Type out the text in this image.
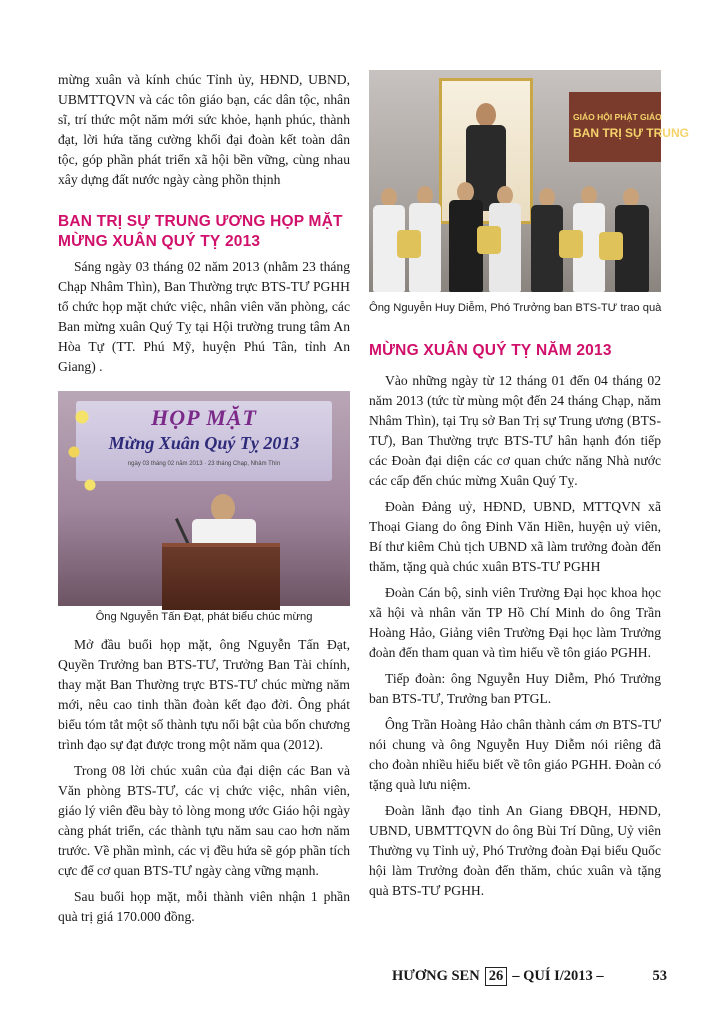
mừng xuân và kính chúc Tỉnh ủy, HĐND, UBND, UBMTTQVN và các tôn giáo bạn, các dân tộc, nhân sĩ, trí thức một năm mới sức khỏe, hạnh phúc, thành đạt, lời hứa tăng cường khối đại đoàn kết toàn dân tộc, góp phần phát triển xã hội bền vững, cùng nhau xây dựng đất nước ngày càng phồn thịnh

BAN TRỊ SỰ TRUNG ƯƠNG HỌP MẶT MỪNG XUÂN QUÝ TỴ 2013

Sáng ngày 03 tháng 02 năm 2013 (nhằm 23 tháng Chạp Nhâm Thìn), Ban Thường trực BTS-TƯ PGHH tổ chức họp mặt chức việc, nhân viên văn phòng, các Ban mừng xuân Quý Tỵ tại Hội trường trung tâm An Hòa Tự (TT. Phú Mỹ, huyện Phú Tân, tỉnh An Giang) .

HỌP MẶT
Mừng Xuân Quý Tỵ 2013
ngày 03 tháng 02 năm 2013 · 23 tháng Chạp, Nhâm Thìn
Ông Nguyễn Tấn Đạt, phát biểu chúc mừng

Mở đầu buổi họp mặt, ông Nguyễn Tấn Đạt, Quyền Trưởng ban BTS-TƯ, Trưởng Ban Tài chính, thay mặt Ban Thường trực BTS-TƯ chúc mừng năm mới, nêu cao tinh thần đoàn kết đạo đời. Ông phát biểu tóm tắt một số thành tựu nổi bật của bốn chương trình đạo sự đạt được trong một năm qua (2012).

Trong 08 lời chúc xuân của đại diện các Ban và Văn phòng BTS-TƯ, các vị chức việc, nhân viên, giáo lý viên đều bày tỏ lòng mong ước Giáo hội ngày càng phát triển, các thành tựu năm sau cao hơn năm trước. Về phần mình, các vị đều hứa sẽ góp phần tích cực để cơ quan BTS-TƯ ngày càng vững mạnh.

Sau buổi họp mặt, mỗi thành viên nhận 1 phần quà trị giá 170.000 đồng.

GIÁO HỘI PHẬT GIÁO
BAN TRỊ SỰ TRUNG
Ông Nguyễn Huy Diễm, Phó Trưởng ban BTS-TƯ trao quà
MỪNG XUÂN QUÝ TỴ NĂM 2013

Vào những ngày từ 12 tháng 01 đến 04 tháng 02 năm 2013 (tức từ mùng một đến 24 tháng Chạp, năm Nhâm Thìn), tại Trụ sở Ban Trị sự Trung ương (BTS-TƯ), Ban Thường trực BTS-TƯ hân hạnh đón tiếp các Đoàn đại diện các cơ quan chức năng Nhà nước các cấp đến chúc mừng Xuân Quý Tỵ.

Đoàn Đảng uỷ, HĐND, UBND, MTTQVN xã Thoại Giang do ông Đinh Văn Hiền, huyện uỷ viên, Bí thư kiêm Chủ tịch UBND xã làm trưởng đoàn đến thăm, tặng quà chúc xuân BTS-TƯ PGHH

Đoàn Cán bộ, sinh viên Trường Đại học khoa học xã hội và nhân văn TP Hồ Chí Minh do ông Trần Hoàng Hảo, Giảng viên Trường Đại học làm Trưởng đoàn đến tham quan và tìm hiểu về tôn giáo PGHH.

Tiếp đoàn: ông Nguyễn Huy Diễm, Phó Trưởng ban BTS-TƯ, Trưởng ban PTGL.

Ông Trần Hoàng Hảo chân thành cám ơn BTS-TƯ nói chung và ông Nguyễn Huy Diễm nói riêng đã cho đoàn nhiều hiểu biết về tôn giáo PGHH. Đoàn có tặng quà lưu niệm.

Đoàn lãnh đạo tỉnh An Giang ĐBQH, HĐND, UBND, UBMTTQVN do ông Bùi Trí Dũng, Uỷ viên Thường vụ Tỉnh uỷ, Phó Trưởng đoàn Đại biểu Quốc hội làm Trưởng đoàn đến thăm, chúc xuân và tặng quà BTS-TƯ PGHH.

HƯƠNG SEN 26 – QUÍ I/2013 –	53
